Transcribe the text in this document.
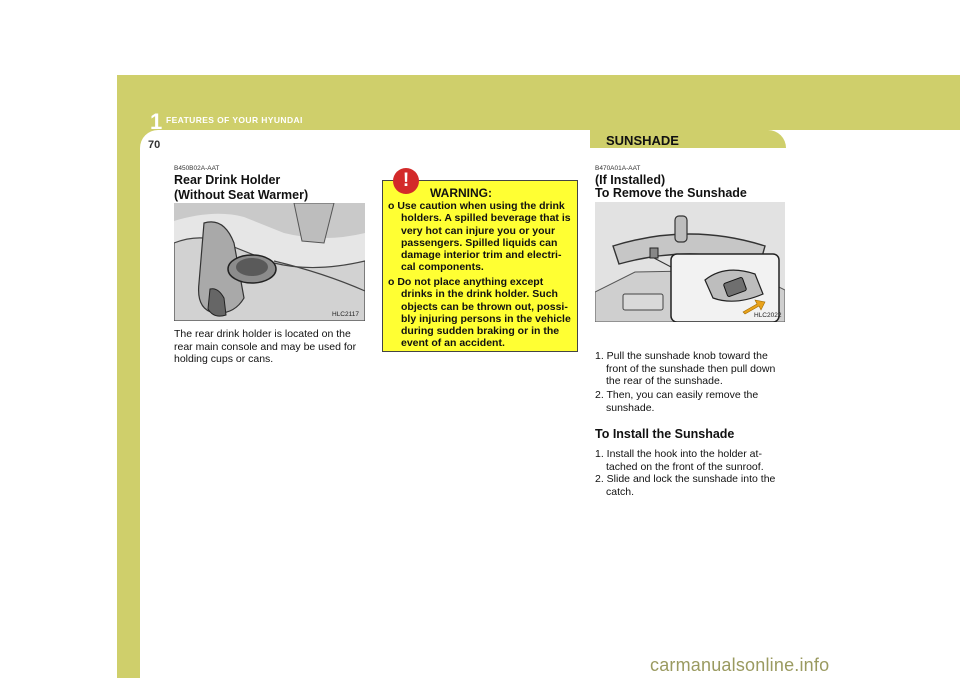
1 FEATURES OF YOUR HYUNDAI
70	SUNSHADE
B450B02A-AAT
Rear Drink Holder
(Without Seat Warmer)
HLC2117
The rear drink holder is located on the rear main console and may be used for holding cups or cans.
!
WARNING:
o Use caution when using the drink holders. A spilled beverage that is very hot can injure you or your passengers. Spilled liquids can damage interior trim and electri- cal components.
o Do not place anything except drinks in the drink holder. Such objects can be thrown out, possi- bly injuring persons in the vehicle during sudden braking or in the event of an accident.
B470A01A-AAT
(If Installed)
To Remove the Sunshade
HLC2022
1. Pull the sunshade knob toward the front of the sunshade then pull down the rear of the sunshade.
2. Then, you can easily remove the sunshade.
To Install the Sunshade
1. Install the hook into the holder at- tached on the front of the sunroof.
2. Slide and lock the sunshade into the catch.
carmanualsonline.info
